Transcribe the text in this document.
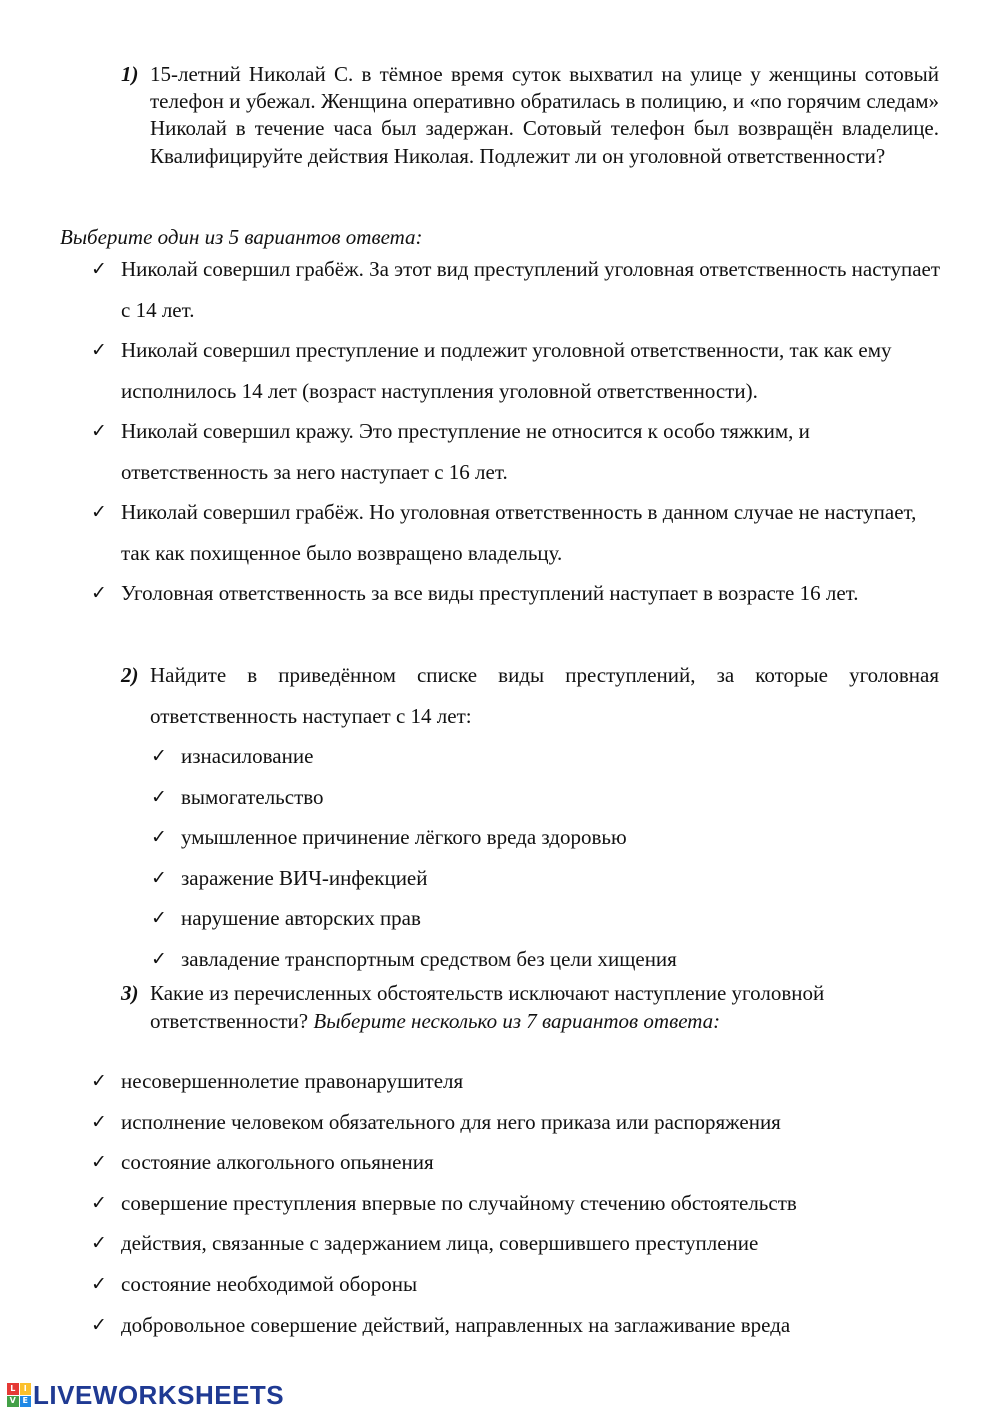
1) 15-летний Николай С. в тёмное время суток выхватил на улице у женщины сотовый телефон и убежал. Женщина оперативно обратилась в полицию, и «по горячим следам» Николай в течение часа был задержан. Сотовый телефон был возвращён владелице. Квалифицируйте действия Николая. Подлежит ли он уголовной ответственности?
Выберите один из 5 вариантов ответа:
✓ Николай совершил грабёж. За этот вид преступлений уголовная ответственность наступает с 14 лет.
✓ Николай совершил преступление и подлежит уголовной ответственности, так как ему исполнилось 14 лет (возраст наступления уголовной ответственности).
✓ Николай совершил кражу. Это преступление не относится к особо тяжким, и ответственность за него наступает с 16 лет.
✓ Николай совершил грабёж. Но уголовная ответственность в данном случае не наступает, так как похищенное было возвращено владельцу.
✓ Уголовная ответственность за все виды преступлений наступает в возрасте 16 лет.
2) Найдите в приведённом списке виды преступлений, за которые уголовная ответственность наступает с 14 лет:
✓ изнасилование
✓ вымогательство
✓ умышленное причинение лёгкого вреда здоровью
✓ заражение ВИЧ-инфекцией
✓ нарушение авторских прав
✓ завладение транспортным средством без цели хищения
3) Какие из перечисленных обстоятельств исключают наступление уголовной ответственности? Выберите несколько из 7 вариантов ответа:
✓ несовершеннолетие правонарушителя
✓ исполнение человеком обязательного для него приказа или распоряжения
✓ состояние алкогольного опьянения
✓ совершение преступления впервые по случайному стечению обстоятельств
✓ действия, связанные с задержанием лица, совершившего преступление
✓ состояние необходимой обороны
✓ добровольное совершение действий, направленных на заглаживание вреда
L	I
V E LIVEWORKSHEETS
